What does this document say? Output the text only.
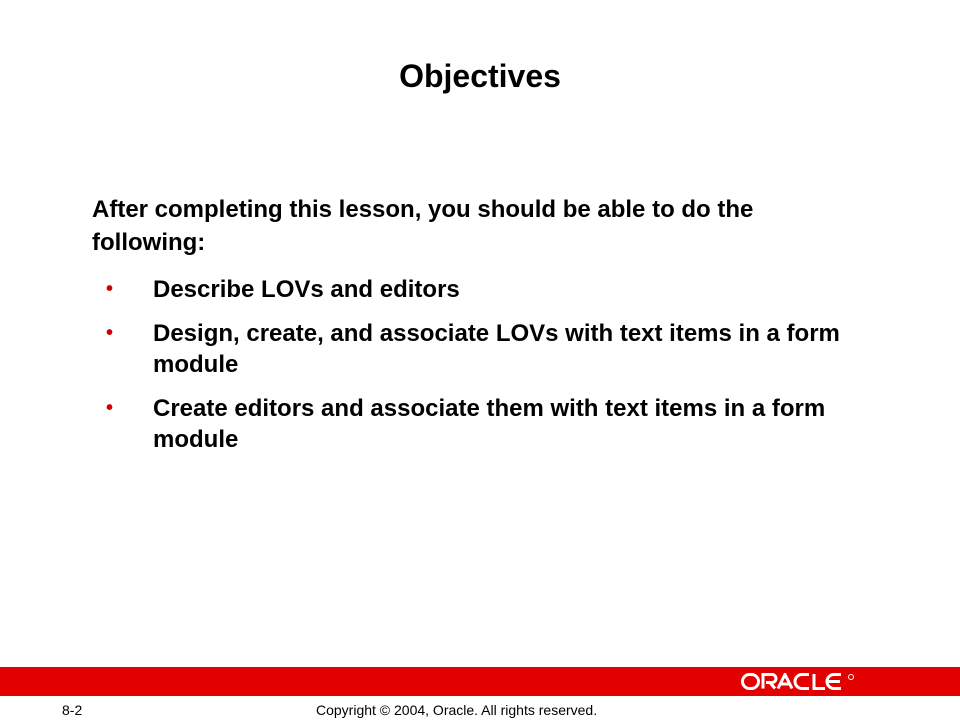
Objectives
After completing this lesson, you should be able to do the following:
• Describe LOVs and editors
• Design, create, and associate LOVs with text items in a form module
• Create editors and associate them with text items in a form module
8-2	Copyright © 2004, Oracle. All rights reserved.
